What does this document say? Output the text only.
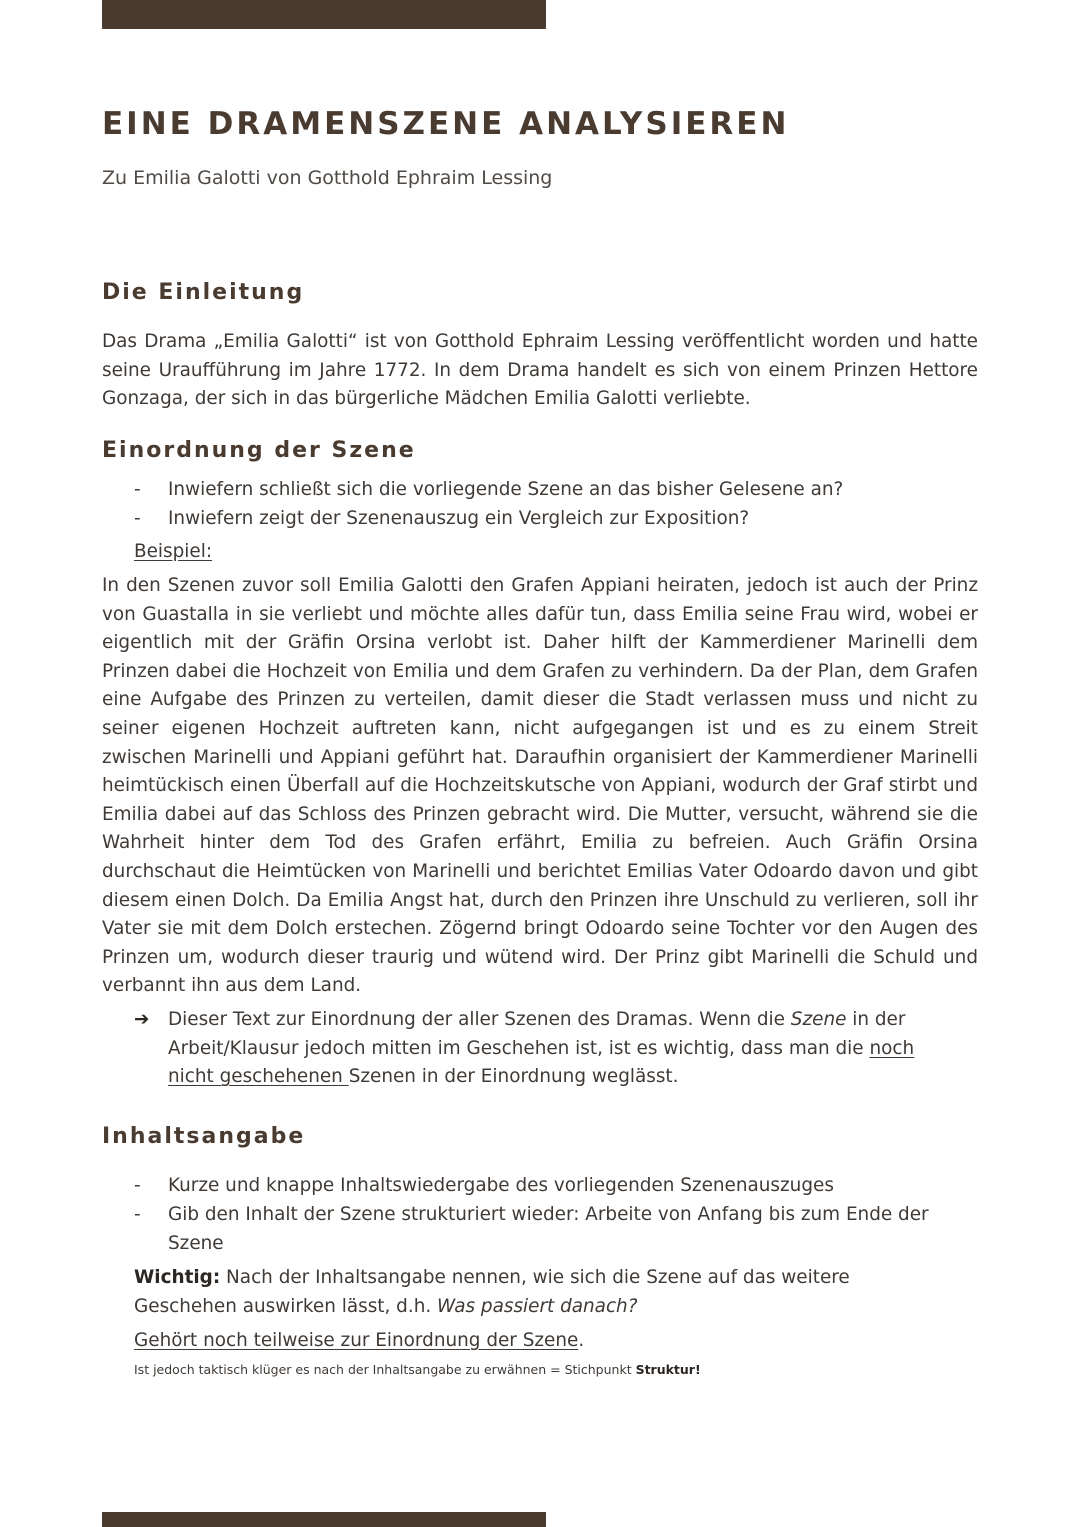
EINE DRAMENSZENE ANALYSIEREN
Zu Emilia Galotti von Gotthold Ephraim Lessing
Die Einleitung

Das Drama „Emilia Galotti“ ist von Gotthold Ephraim Lessing veröffentlicht worden und hatte seine Uraufführung im Jahre 1772. In dem Drama handelt es sich von einem Prinzen Hettore Gonzaga, der sich in das bürgerliche Mädchen Emilia Galotti verliebte.

Einordnung der Szene
- Inwiefern schließt sich die vorliegende Szene an das bisher Gelesene an?
- Inwiefern zeigt der Szenenauszug ein Vergleich zur Exposition?
Beispiel:

In den Szenen zuvor soll Emilia Galotti den Grafen Appiani heiraten, jedoch ist auch der Prinz von Guastalla in sie verliebt und möchte alles dafür tun, dass Emilia seine Frau wird, wobei er eigentlich mit der Gräfin Orsina verlobt ist. Daher hilft der Kammerdiener Marinelli dem Prinzen dabei die Hochzeit von Emilia und dem Grafen zu verhindern. Da der Plan, dem Grafen eine Aufgabe des Prinzen zu verteilen, damit dieser die Stadt verlassen muss und nicht zu seiner eigenen Hochzeit auftreten kann, nicht aufgegangen ist und es zu einem Streit zwischen Marinelli und Appiani geführt hat. Daraufhin organisiert der Kammerdiener Marinelli heimtückisch einen Überfall auf die Hochzeitskutsche von Appiani, wodurch der Graf stirbt und Emilia dabei auf das Schloss des Prinzen gebracht wird. Die Mutter, versucht, während sie die Wahrheit hinter dem Tod des Grafen erfährt, Emilia zu befreien. Auch Gräfin Orsina durchschaut die Heimtücken von Marinelli und berichtet Emilias Vater Odoardo davon und gibt diesem einen Dolch. Da Emilia Angst hat, durch den Prinzen ihre Unschuld zu verlieren, soll ihr Vater sie mit dem Dolch erstechen. Zögernd bringt Odoardo seine Tochter vor den Augen des Prinzen um, wodurch dieser traurig und wütend wird. Der Prinz gibt Marinelli die Schuld und verbannt ihn aus dem Land.

➔ Dieser Text zur Einordnung der aller Szenen des Dramas. Wenn die Szene in der Arbeit/Klausur jedoch mitten im Geschehen ist, ist es wichtig, dass man die noch nicht geschehenen Szenen in der Einordnung weglässt.
Inhaltsangabe
- Kurze und knappe Inhaltswiedergabe des vorliegenden Szenenauszuges
- Gib den Inhalt der Szene strukturiert wieder: Arbeite von Anfang bis zum Ende der Szene
Wichtig: Nach der Inhaltsangabe nennen, wie sich die Szene auf das weitere Geschehen auswirken lässt, d.h. Was passiert danach?
Gehört noch teilweise zur Einordnung der Szene.
Ist jedoch taktisch klüger es nach der Inhaltsangabe zu erwähnen = Stichpunkt Struktur!
